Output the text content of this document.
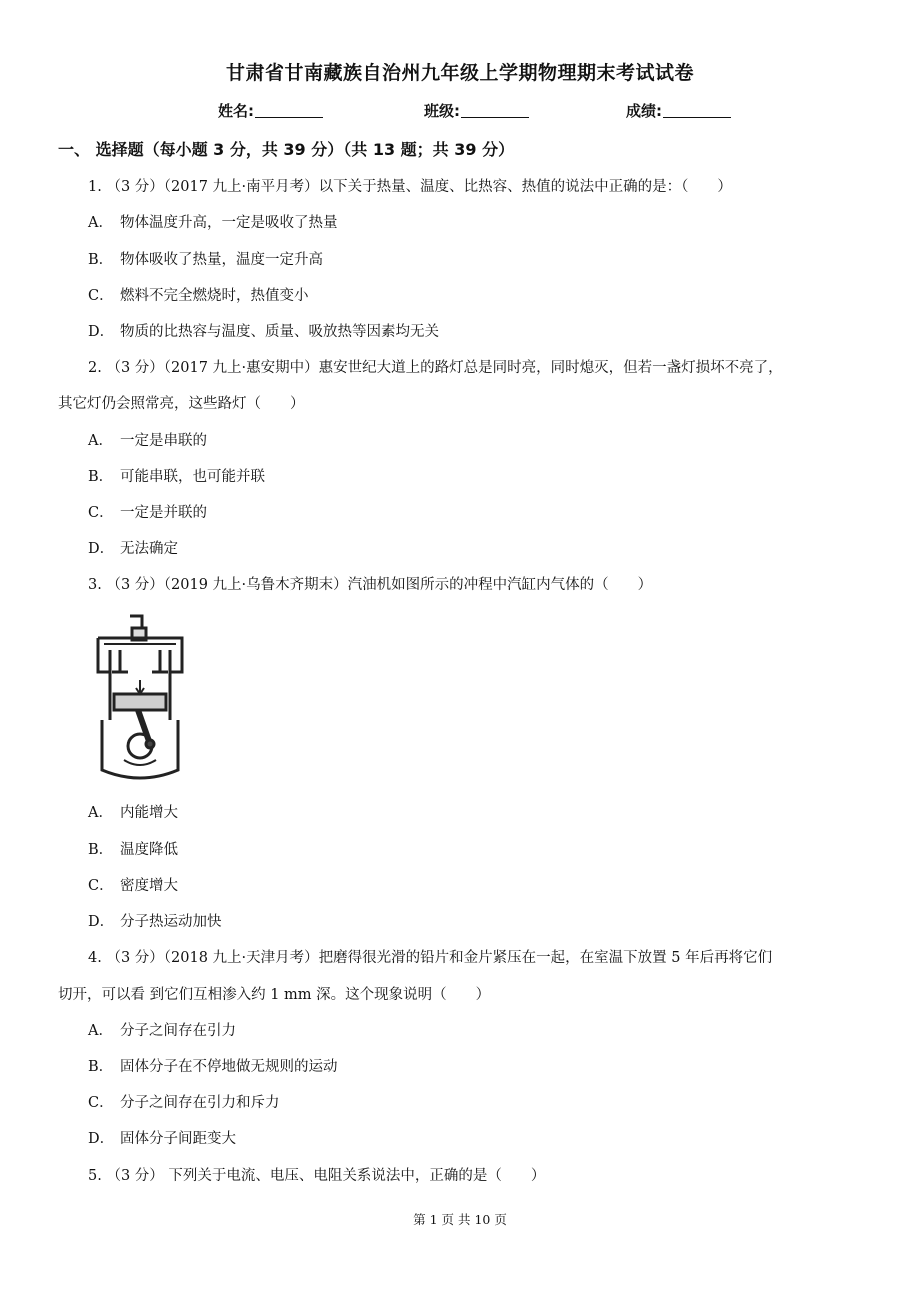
甘肃省甘南藏族自治州九年级上学期物理期末考试试卷
姓名:	班级:	成绩:
一、 选择题（每小题 3 分，共 39 分）（共 13 题；共 39 分）
1. （3 分）（2017 九上·南平月考）以下关于热量、温度、比热容、热值的说法中正确的是：（　　）
A． 物体温度升高，一定是吸收了热量
B． 物体吸收了热量，温度一定升高
C． 燃料不完全燃烧时，热值变小
D． 物质的比热容与温度、质量、吸放热等因素均无关
2. （3 分）（2017 九上·惠安期中）惠安世纪大道上的路灯总是同时亮，同时熄灭，但若一盏灯损坏不亮了，
其它灯仍会照常亮，这些路灯（　　）
A． 一定是串联的
B． 可能串联，也可能并联
C． 一定是并联的
D． 无法确定
3. （3 分）（2019 九上·乌鲁木齐期末）汽油机如图所示的冲程中汽缸内气体的（　　）
A． 内能增大
B． 温度降低
C． 密度增大
D． 分子热运动加快
4. （3 分）（2018 九上·天津月考）把磨得很光滑的铅片和金片紧压在一起，在室温下放置 5 年后再将它们
切开，可以看 到它们互相渗入约 1 mm 深。这个现象说明（　　）
A． 分子之间存在引力
B． 固体分子在不停地做无规则的运动
C． 分子之间存在引力和斥力
D． 固体分子间距变大
5. （3 分） 下列关于电流、电压、电阻关系说法中，正确的是（　　）
第 1 页 共 10 页
